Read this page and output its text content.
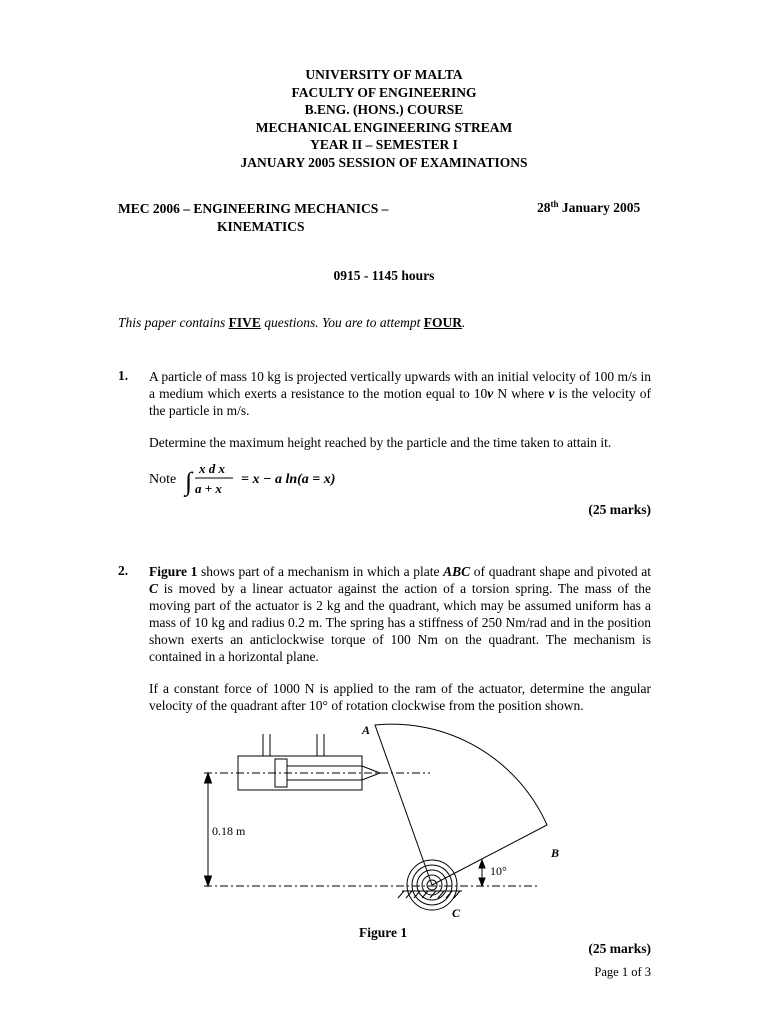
UNIVERSITY OF MALTA
FACULTY OF ENGINEERING
B.ENG. (HONS.) COURSE
MECHANICAL ENGINEERING STREAM
YEAR II – SEMESTER I
JANUARY 2005 SESSION OF EXAMINATIONS
MEC 2006 – ENGINEERING MECHANICS –
KINEMATICS
28th January 2005
0915 - 1145 hours
This paper contains FIVE questions. You are to attempt FOUR.
1. A particle of mass 10 kg is projected vertically upwards with an initial velocity of 100 m/s in a medium which exerts a resistance to the motion equal to 10v N where v is the velocity of the particle in m/s.

Determine the maximum height reached by the particle and the time taken to attain it.

Note ∫ x d x
a + x
= x − a ln(a = x)
(25 marks)
2. Figure 1 shows part of a mechanism in which a plate ABC of quadrant shape and pivoted at C is moved by a linear actuator against the action of a torsion spring. The mass of the moving part of the actuator is 2 kg and the quadrant, which may be assumed uniform has a mass of 10 kg and radius 0.2 m. The spring has a stiffness of 250 Nm/rad and in the position shown exerts an anticlockwise torque of 100 Nm on the quadrant. The mechanism is contained in a horizontal plane.

If a constant force of 1000 N is applied to the ram of the actuator, determine the angular velocity of the quadrant after 10° of rotation clockwise from the position shown.

A
B
C
0.18 m
10°
Figure 1
(25 marks)
Page 1 of 3
